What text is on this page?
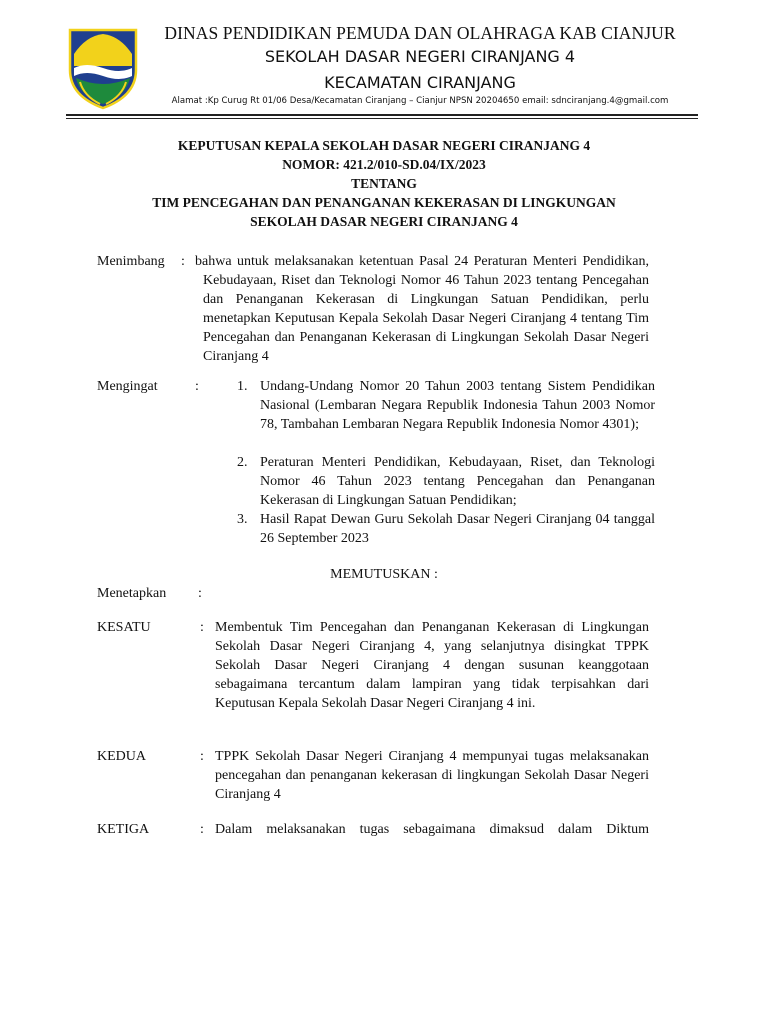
DINAS PENDIDIKAN PEMUDA DAN OLAHRAGA KAB CIANJUR
SEKOLAH DASAR NEGERI CIRANJANG 4
KECAMATAN CIRANJANG
Alamat :Kp Curug Rt 01/06 Desa/Kecamatan Ciranjang – Cianjur NPSN 20204650 email: sdnciranjang.4@gmail.com
KEPUTUSAN KEPALA SEKOLAH DASAR NEGERI CIRANJANG 4
NOMOR: 421.2/010-SD.04/IX/2023
TENTANG
TIM PENCEGAHAN DAN PENANGANAN KEKERASAN DI LINGKUNGAN
SEKOLAH DASAR NEGERI CIRANJANG 4
Menimbang : bahwa untuk melaksanakan ketentuan Pasal 24 Peraturan Menteri Pendidikan, Kebudayaan, Riset dan Teknologi Nomor 46 Tahun 2023 tentang Pencegahan dan Penanganan Kekerasan di Lingkungan Satuan Pendidikan, perlu menetapkan Keputusan Kepala Sekolah Dasar Negeri Ciranjang 4 tentang Tim Pencegahan dan Penanganan Kekerasan di Lingkungan Sekolah Dasar Negeri Ciranjang 4
Mengingat	:	1. Undang-Undang Nomor 20 Tahun 2003 tentang Sistem Pendidikan Nasional (Lembaran Negara Republik Indonesia Tahun 2003 Nomor 78, Tambahan Lembaran Negara Republik Indonesia Nomor 4301);
2. Peraturan Menteri Pendidikan, Kebudayaan, Riset, dan Teknologi Nomor 46 Tahun 2023 tentang Pencegahan dan Penanganan Kekerasan di Lingkungan Satuan Pendidikan;
3. Hasil Rapat Dewan Guru Sekolah Dasar Negeri Ciranjang 04 tanggal 26 September 2023
MEMUTUSKAN :
Menetapkan :
KESATU	: Membentuk Tim Pencegahan dan Penanganan Kekerasan di Lingkungan Sekolah Dasar Negeri Ciranjang 4, yang selanjutnya disingkat TPPK Sekolah Dasar Negeri Ciranjang 4 dengan susunan keanggotaan sebagaimana tercantum dalam lampiran yang tidak terpisahkan dari Keputusan Kepala Sekolah Dasar Negeri Ciranjang 4 ini.
KEDUA	: TPPK Sekolah Dasar Negeri Ciranjang 4 mempunyai tugas melaksanakan pencegahan dan penanganan kekerasan di lingkungan Sekolah Dasar Negeri Ciranjang 4
KETIGA	: Dalam melaksanakan tugas sebagaimana dimaksud dalam Diktum
